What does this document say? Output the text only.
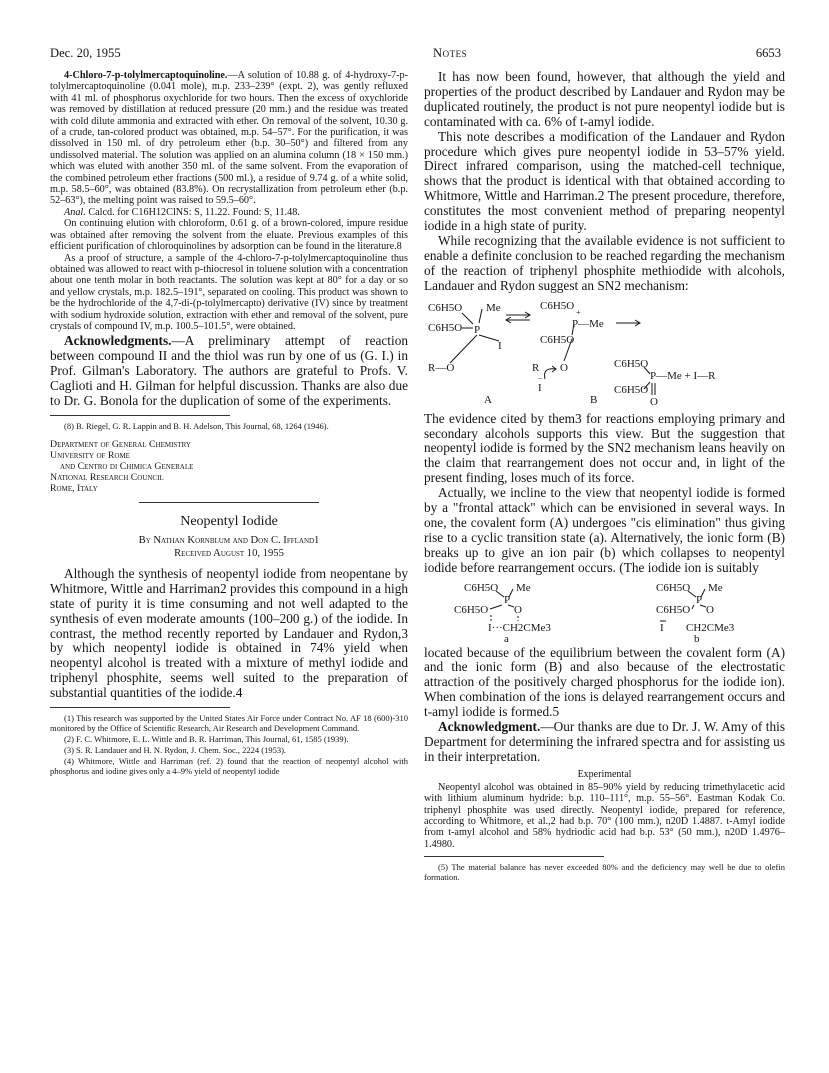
Dec. 20, 1955	Notes	6653

4-Chloro-7-p-tolylmercaptoquinoline.—A solution of 10.88 g. of 4-hydroxy-7-p-tolylmercaptoquinoline (0.041 mole), m.p. 233–239° (expt. 2), was gently refluxed with 41 ml. of phosphorus oxychloride for two hours. Then the excess of oxychloride was removed by distillation at reduced pressure (20 mm.) and the residue was treated with cold dilute ammonia and extracted with ether. On removal of the solvent, 10.30 g. of a crude, tan-colored product was obtained, m.p. 54–57°. For the purification, it was dissolved in 150 ml. of dry petroleum ether (b.p. 30–50°) and filtered from any undissolved material. The solution was applied on an alumina column (18 × 150 mm.) which was eluted with another 350 ml. of the same solvent. From the evaporation of the combined petroleum ether fractions (500 ml.), a residue of 9.74 g. of a white solid, m.p. 58.5–60°, was obtained (83.8%). On recrystallization from petroleum ether (b.p. 52–63°), the melting point was raised to 59.5–60°.

Anal. Calcd. for C16H12ClNS: S, 11.22. Found: S, 11.48.

On continuing elution with chloroform, 0.61 g. of a brown-colored, impure residue was obtained after removing the solvent from the eluate. Previous examples of this efficient purification of chloroquinolines by adsorption can be found in the literature.8

As a proof of structure, a sample of the 4-chloro-7-p-tolylmercaptoquinoline thus obtained was allowed to react with p-thiocresol in toluene solution with a concentration about one tenth molar in both reactants. The solution was kept at 80° for a day or so and yellow crystals, m.p. 182.5–191°, separated on cooling. This product was shown to be the hydrochloride of the 4,7-di-(p-tolylmercapto) derivative (IV) since by treatment with sodium hydroxide solution, extraction with ether and removal of the solvent, pure crystals of compound IV, m.p. 100.5–101.5°, were obtained.

Acknowledgments.—A preliminary attempt of reaction between compound II and the thiol was run by one of us (G. I.) in Prof. Gilman's Laboratory. The authors are grateful to Profs. V. Caglioti and H. Gilman for helpful discussion. Thanks are also due to Dr. G. Bonola for the duplication of some of the experiments.

(8) B. Riegel, G. R. Lappin and B. H. Adelson, This Journal, 68, 1264 (1946).

Department of General Chemistry
University of Rome
and Centro di Chimica Generale
National Research Council
Rome, Italy
Neopentyl Iodide
By Nathan Kornblum and Don C. Iffland1
Received August 10, 1955

Although the synthesis of neopentyl iodide from neopentane by Whitmore, Wittle and Harriman2 provides this compound in a high state of purity it is time consuming and not well adapted to the synthesis of even moderate amounts (100–200 g.) of the iodide. In contrast, the method recently reported by Landauer and Rydon,3 by which neopentyl iodide is obtained in 74% yield when neopentyl alcohol is treated with a mixture of methyl iodide and triphenyl phosphite, seems well suited to the preparation of substantial quantities of the iodide.4

(1) This research was supported by the United States Air Force under Contract No. AF 18 (600)-310 monitored by the Office of Scientific Research, Air Research and Development Command.

(2) F. C. Whitmore, E. L. Wittle and B. R. Harriman, This Journal, 61, 1585 (1939).

(3) S. R. Landauer and H. N. Rydon, J. Chem. Soc., 2224 (1953).

(4) Whitmore, Wittle and Harriman (ref. 2) found that the reaction of neopentyl alcohol with phosphorus and iodine gives only a 4–9% yield of neopentyl iodide

It has now been found, however, that although the yield and properties of the product described by Landauer and Rydon may be duplicated routinely, the product is not pure neopentyl iodide but is contaminated with ca. 6% of t-amyl iodide.

This note describes a modification of the Landauer and Rydon procedure which gives pure neopentyl iodide in 53–57% yield. Direct infrared comparison, using the matched-cell technique, shows that the product is identical with that obtained according to Whitmore, Wittle and Harriman.2 The present procedure, therefore, constitutes the most convenient method of preparing neopentyl iodide in a high state of purity.

While recognizing that the available evidence is not sufficient to enable a definite conclusion to be reached regarding the mechanism of the reaction of triphenyl phosphite methiodide with alcohols, Landauer and Rydon suggest an SN2 mechanism:

C6H5O
C6H5O
Me
P
I
R—O
A
C6H5O
+
P—Me
C6H5O
R O
I
−
B
C6H5O
C6H5O
P—Me + I—R
O

The evidence cited by them3 for reactions employing primary and secondary alcohols supports this view. But the suggestion that neopentyl iodide is formed by the SN2 mechanism leans heavily on the claim that rearrangement does not occur and, in light of the present finding, loses much of its force.

Actually, we incline to the view that neopentyl iodide is formed by a "frontal attack" which can be envisioned in several ways. In one, the covalent form (A) undergoes "cis elimination" thus giving rise to a cyclic transition state (a). Alternatively, the ionic form (B) breaks up to give an ion pair (b) which collapses to neopentyl iodide before rearrangement occurs. (The iodide ion is suitably

C6H5O Me
P
C6H5O O
I···CH2CMe3
a
C6H5O Me
P
C6H5O O
I CH2CMe3
b

located because of the equilibrium between the covalent form (A) and the ionic form (B) and also because of the electrostatic attraction of the positively charged phosphorus for the iodide ion). When combination of the ions is delayed rearrangement occurs and t-amyl iodide is formed.5

Acknowledgment.—Our thanks are due to Dr. J. W. Amy of this Department for determining the infrared spectra and for assisting us in their interpretation.

Experimental

Neopentyl alcohol was obtained in 85–90% yield by reducing trimethylacetic acid with lithium aluminum hydride: b.p. 110–111°, m.p. 55–56°. Eastman Kodak Co. triphenyl phosphite was used directly. Neopentyl iodide, prepared for reference, according to Whitmore, et al.,2 had b.p. 70° (100 mm.), n20D 1.4887. t-Amyl iodide from t-amyl alcohol and 58% hydriodic acid had b.p. 53° (50 mm.), n20D 1.4976–1.4980.

(5) The material balance has never exceeded 80% and the deficiency may well be due to olefin formation.
